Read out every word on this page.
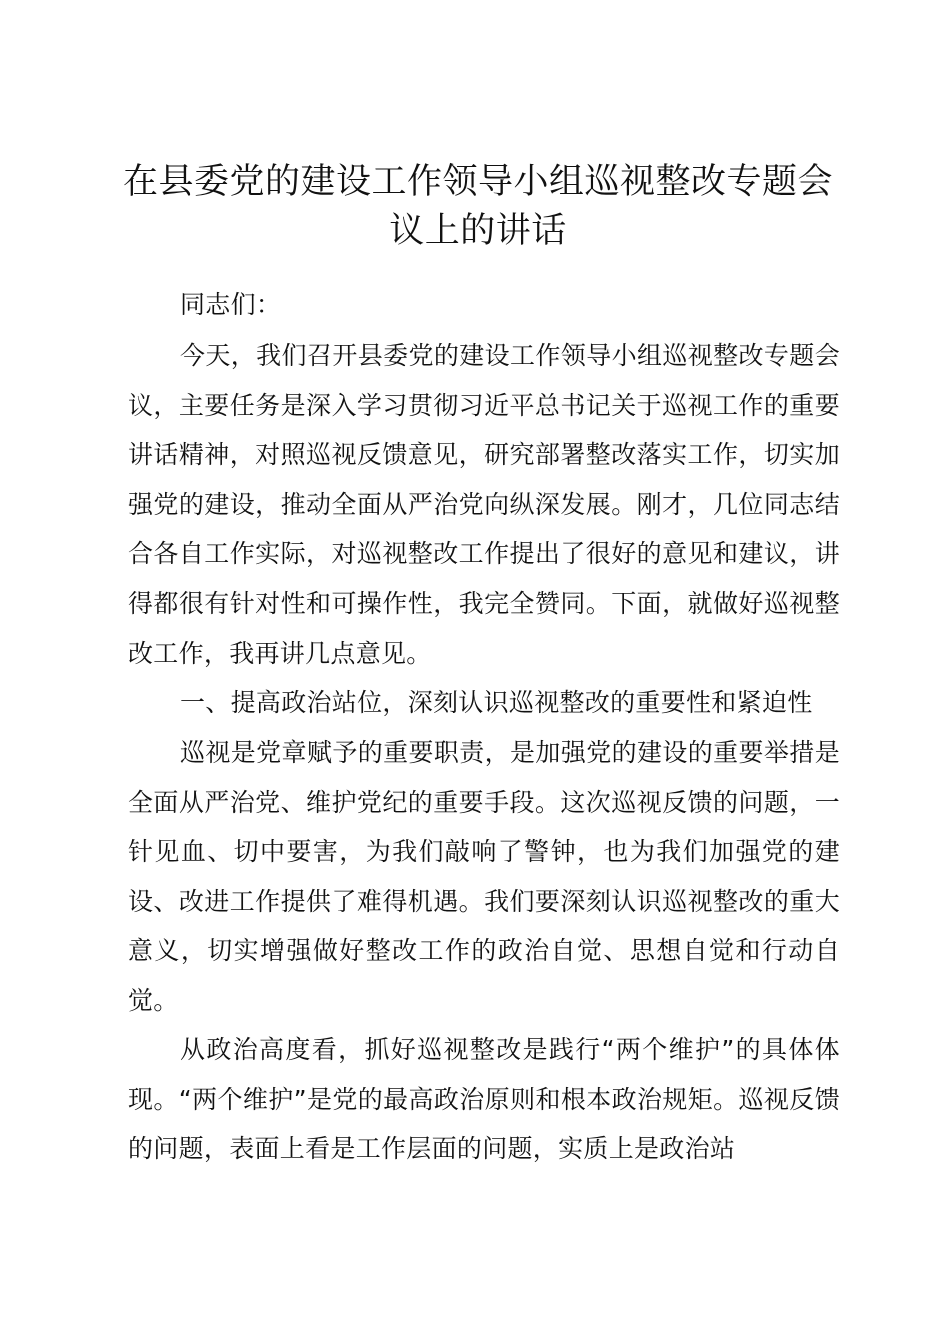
在县委党的建设工作领导小组巡视整改专题会议上的讲话

同志们：

今天，我们召开县委党的建设工作领导小组巡视整改专题会议，主要任务是深入学习贯彻习近平总书记关于巡视工作的重要讲话精神，对照巡视反馈意见，研究部署整改落实工作，切实加强党的建设，推动全面从严治党向纵深发展。刚才，几位同志结合各自工作实际，对巡视整改工作提出了很好的意见和建议，讲得都很有针对性和可操作性，我完全赞同。下面，就做好巡视整改工作，我再讲几点意见。

一、提高政治站位，深刻认识巡视整改的重要性和紧迫性

巡视是党章赋予的重要职责，是加强党的建设的重要举措是全面从严治党、维护党纪的重要手段。这次巡视反馈的问题，一针见血、切中要害，为我们敲响了警钟，也为我们加强党的建设、改进工作提供了难得机遇。我们要深刻认识巡视整改的重大意义，切实增强做好整改工作的政治自觉、思想自觉和行动自觉。

从政治高度看，抓好巡视整改是践行“两个维护”的具体体现。“两个维护”是党的最高政治原则和根本政治规矩。巡视反馈的问题，表面上看是工作层面的问题，实质上是政治站
